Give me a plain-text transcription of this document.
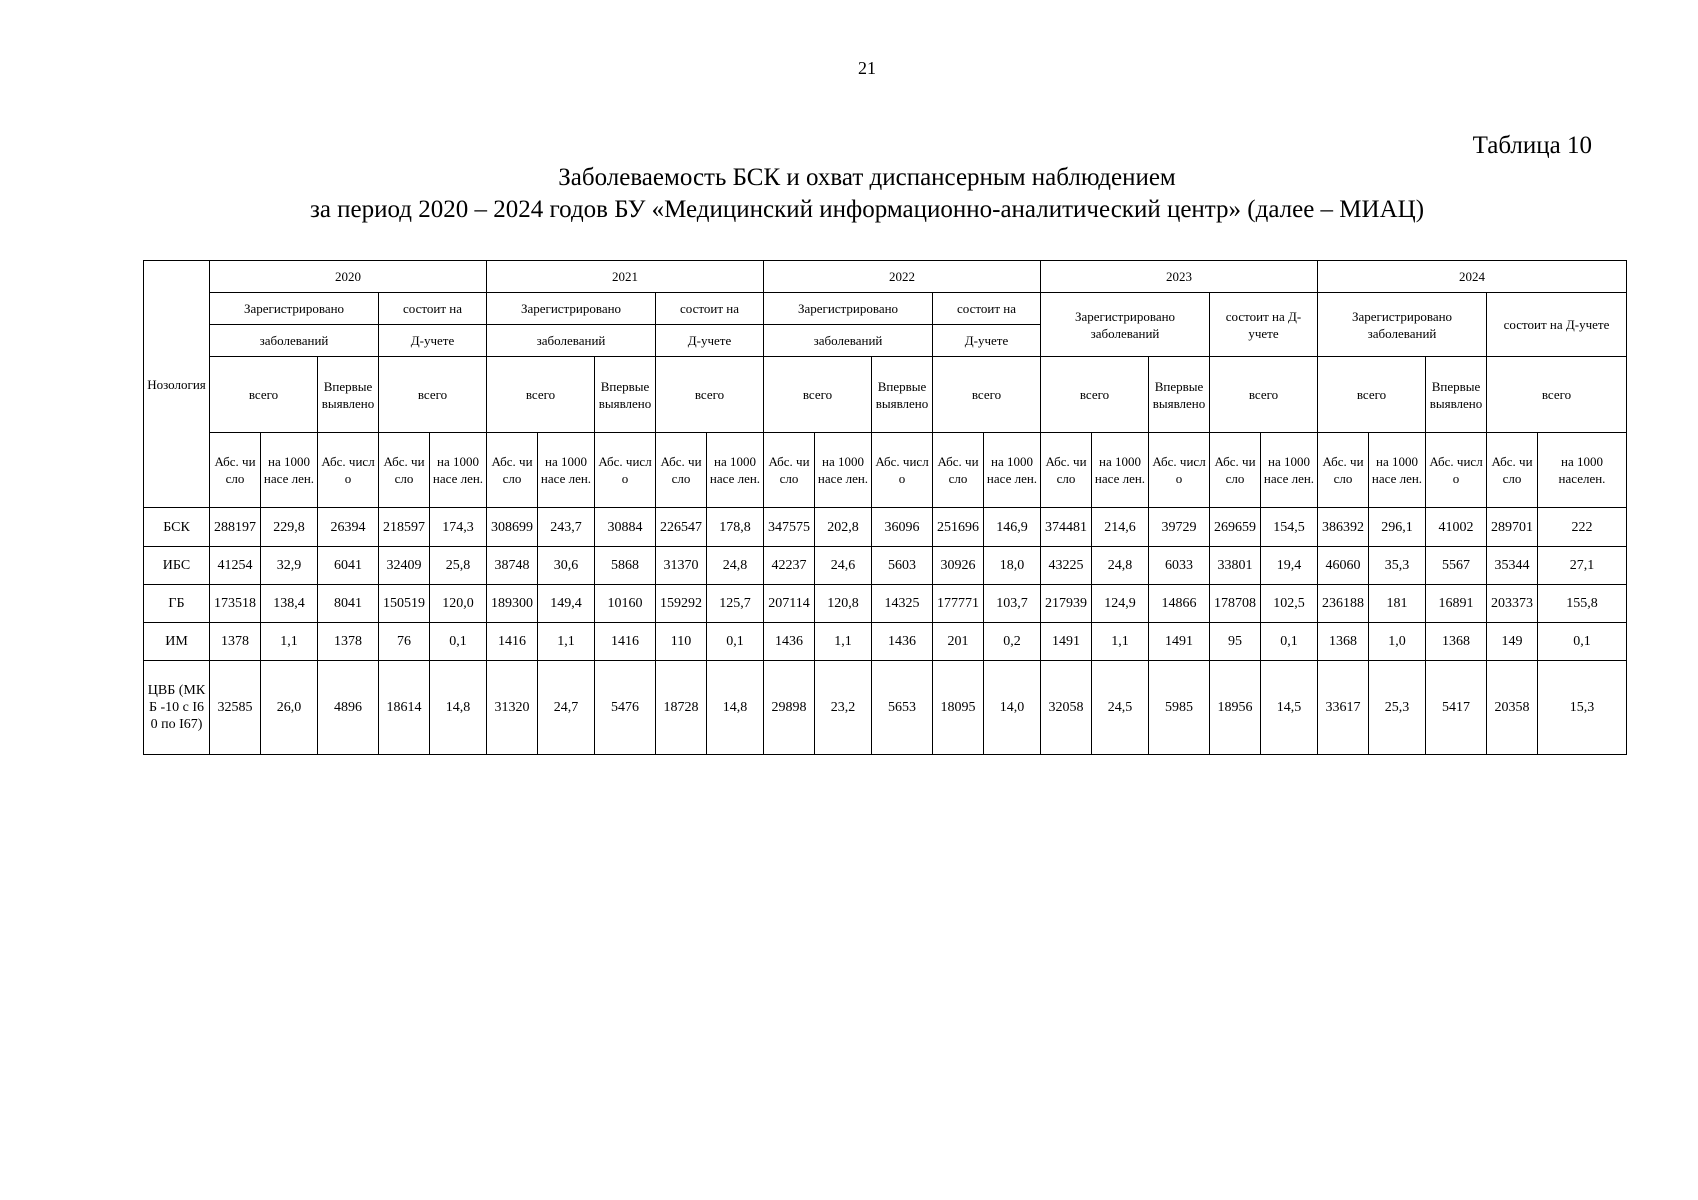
21
Таблица 10
Заболеваемость БСК и охват диспансерным наблюдением
за период 2020 – 2024 годов БУ «Медицинский информационно-аналитический центр» (далее – МИАЦ)
Нозология	2020					2021					2022					2023					2024				
	Зарегистрировано			состоит на		Зарегистрировано			состоит на		Зарегистрировано			состоит на		Зарегистрировано заболеваний			состоит на Д-учете		Зарегистрировано заболеваний			состоит на Д-учете	
	заболеваний			Д-учете		заболеваний			Д-учете		заболеваний			Д-учете											
	всего		Впервые выявлено	всего		всего		Впервые выявлено	всего		всего		Впервые выявлено	всего		всего		Впервые выявлено	всего		всего		Впервые выявлено	всего	
	Абс. число	на 1000 насе лен.	Абс. число	Абс. число	на 1000 насе лен.	Абс. число	на 1000 насе лен.	Абс. число	Абс. число	на 1000 насе лен.	Абс. число	на 1000 насе лен.	Абс. число	Абс. число	на 1000 насе лен.	Абс. число	на 1000 насе лен.	Абс. число	Абс. число	на 1000 насе лен.	Абс. число	на 1000 насе лен.	Абс. число	Абс. число	на 1000 населен.
БСК	288197	229,8	26394	218597	174,3	308699	243,7	30884	226547	178,8	347575	202,8	36096	251696	146,9	374481	214,6	39729	269659	154,5	386392	296,1	41002	289701	222
ИБС	41254	32,9	6041	32409	25,8	38748	30,6	5868	31370	24,8	42237	24,6	5603	30926	18,0	43225	24,8	6033	33801	19,4	46060	35,3	5567	35344	27,1
ГБ	173518	138,4	8041	150519	120,0	189300	149,4	10160	159292	125,7	207114	120,8	14325	177771	103,7	217939	124,9	14866	178708	102,5	236188	181	16891	203373	155,8
ИМ	1378	1,1	1378	76	0,1	1416	1,1	1416	110	0,1	1436	1,1	1436	201	0,2	1491	1,1	1491	95	0,1	1368	1,0	1368	149	0,1
ЦВБ (МКБ -10 с I60 по I67)	32585	26,0	4896	18614	14,8	31320	24,7	5476	18728	14,8	29898	23,2	5653	18095	14,0	32058	24,5	5985	18956	14,5	33617	25,3	5417	20358	15,3
